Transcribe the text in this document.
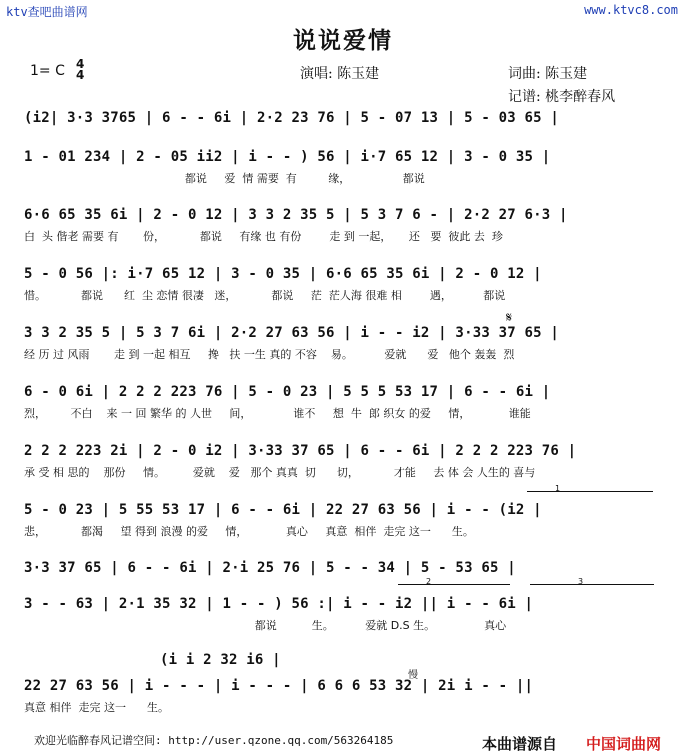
ktv查吧曲谱网	www.ktvc8.com
说说爱情
1= C 4
4	演唱: 陈玉建	词曲: 陈玉建
记谱: 桃李醉春风
(i2| 3·3 3765 | 6 - - 6i | 2·2 23 76 | 5 - 07 13 | 5 - 03 65 |
1 - 01 234 | 2 - 05 ii2 | i - - ) 56 | i·7 65 12 | 3 - 0 35 |
都说     爱  情 需要  有         缘，               都说
6·6 65 35 6i | 2 - 0 12 | 3 3 2 35 5 | 5 3 7 6 - | 2·2 27 6·3 |
白  头 偕老 需要 有       份，          都说     有缘 也 有份        走 到 一起，     还   要  彼此 去  珍
5 - 0 56 |: i·7 65 12 | 3 - 0 35 | 6·6 65 35 6i | 2 - 0 12 |
惜。          都说      红  尘 恋情 很凄   迷，          都说     茫  茫人海 很难 相        遇，         都说
𝄋
3 3 2 35 5 | 5 3 7 6i | 2·2 27 63 56 | i - - i2 | 3·33 37 65 |
经 历 过 风雨       走 到 一起 相互     搀   扶 一生 真的 不容    易。         爱就      爱   他个 轰轰  烈
6 - 0 6i | 2 2 2 223 76 | 5 - 0 23 | 5 5 5 53 17 | 6 - - 6i |
烈，       不白    来 一 回 繁华 的 人世     间，            谁不     想  牛  郎 织女 的爱     情，           谁能
2 2 2 223 2i | 2 - 0 i2 | 3·33 37 65 | 6 - - 6i | 2 2 2 223 76 |
承 受 相 思的    那份     情。        爱就    爱   那个 真真  切      切，          才能     去 体 会 人生的 喜与
1
5 - 0 23 | 5 55 53 17 | 6 - - 6i | 22 27 63 56 | i - - (i2 |
悲，          都渴     望 得到 浪漫 的爱     情，           真心     真意  相伴  走完 这一      生。
3·3 37 65 | 6 - - 6i | 2·i 25 76 | 5 - - 34 | 5 - 53 65 |
2	3
3 - - 63 | 2·1 35 32 | 1 - - ) 56 :| i - - i2 || i - - 6i |
都说          生。         爱就 D.S 生。              真心
(i i 2 32 i6 |
慢
22 27 63 56 | i - - - | i - - - | 6 6 6 53 32 | 2i i - - ||
真意 相伴  走完 这一      生。
欢迎光临醉春风记谱空间: http://user.qzone.qq.com/563264185	本曲谱源自 中国词曲网
